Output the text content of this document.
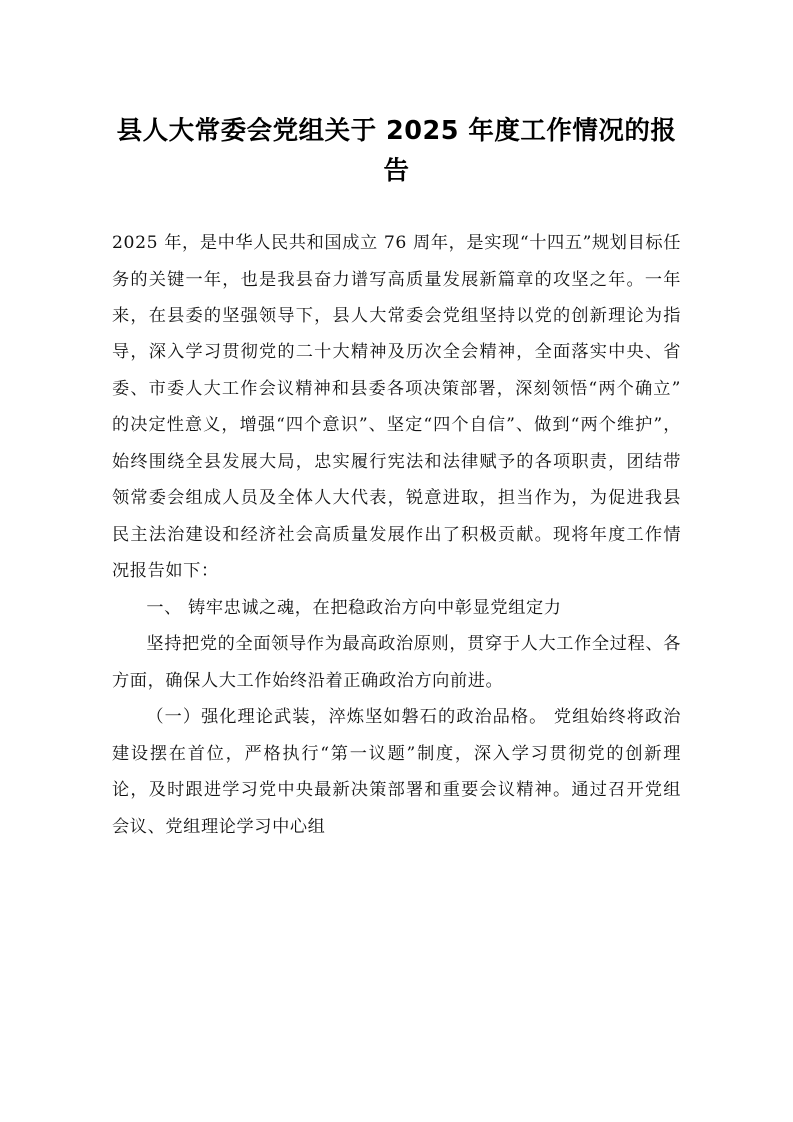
县人大常委会党组关于 2025 年度工作情况的报告

2025 年，是中华人民共和国成立 76 周年，是实现“十四五”规划目标任务的关键一年，也是我县奋力谱写高质量发展新篇章的攻坚之年。一年来，在县委的坚强领导下，县人大常委会党组坚持以党的创新理论为指导，深入学习贯彻党的二十大精神及历次全会精神，全面落实中央、省委、市委人大工作会议精神和县委各项决策部署，深刻领悟“两个确立”的决定性意义，增强“四个意识”、坚定“四个自信”、做到“两个维护”，始终围绕全县发展大局，忠实履行宪法和法律赋予的各项职责，团结带领常委会组成人员及全体人大代表，锐意进取，担当作为，为促进我县民主法治建设和经济社会高质量发展作出了积极贡献。现将年度工作情况报告如下：

一、 铸牢忠诚之魂，在把稳政治方向中彰显党组定力

坚持把党的全面领导作为最高政治原则，贯穿于人大工作全过程、各方面，确保人大工作始终沿着正确政治方向前进。

（一）强化理论武装，淬炼坚如磐石的政治品格。 党组始终将政治建设摆在首位，严格执行“第一议题”制度，深入学习贯彻党的创新理论，及时跟进学习党中央最新决策部署和重要会议精神。通过召开党组会议、党组理论学习中心组
